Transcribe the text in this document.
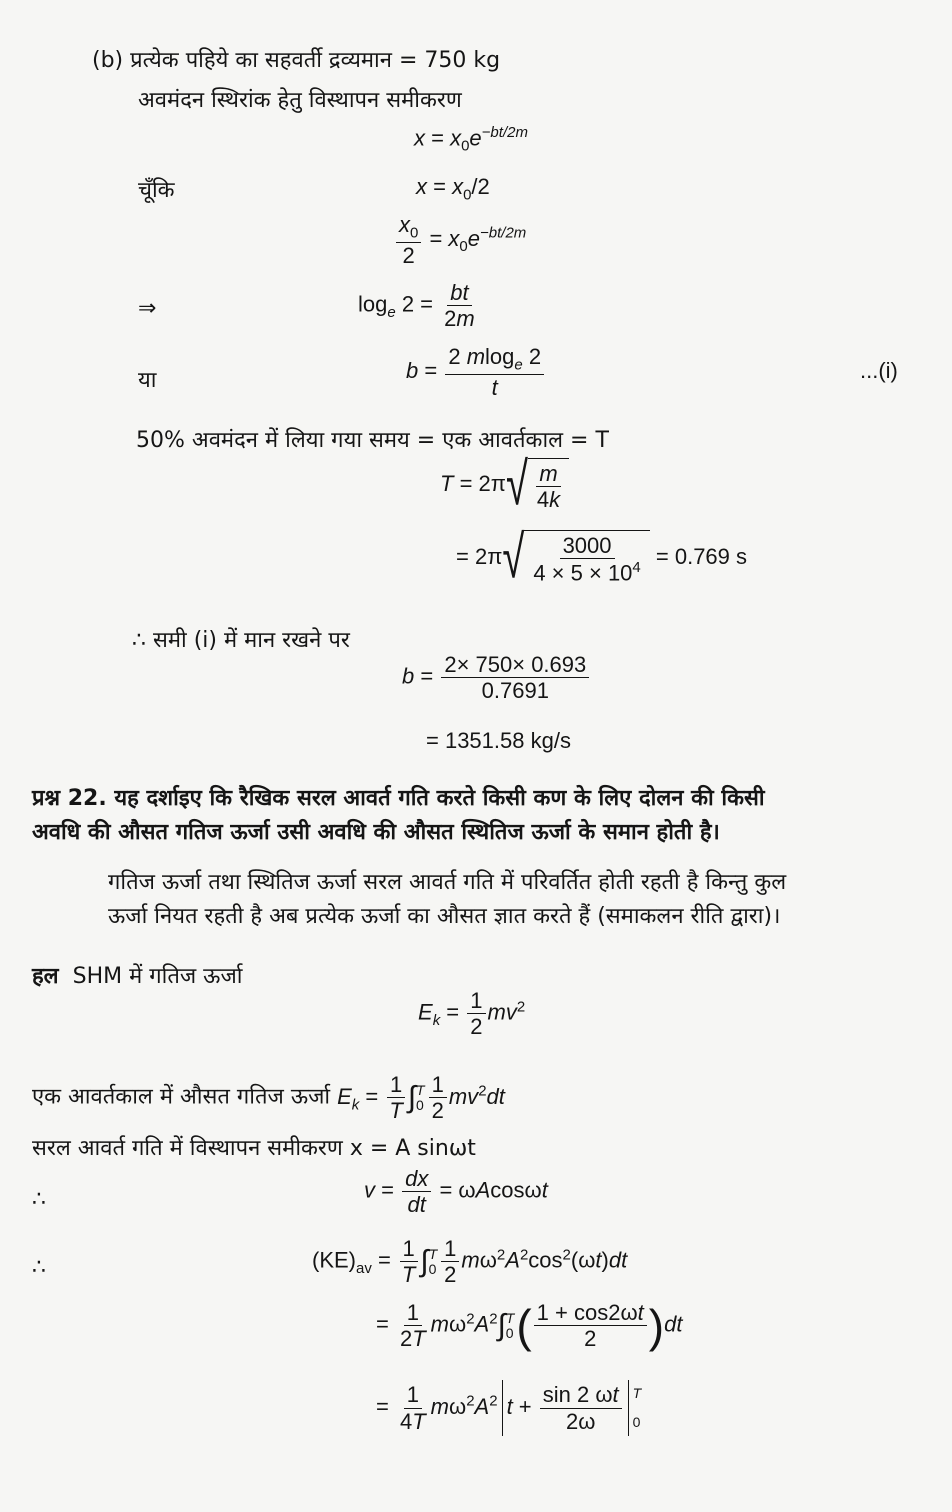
(b) प्रत्येक पहिये का सहवर्ती द्रव्यमान = 750 kg
अवमंदन स्थिरांक हेतु विस्थापन समीकरण
$x = x_0e^{-bt/2m}$
चूँकि	$x = x_0/2$
$\frac{x_0}{2} = x_0e^{-bt/2m}$
⇒	$\log_e 2 = \frac{bt}{2m}$
या	$b = \frac{2 mlog_e 2}{t}$	...(i)
50% अवमंदन में लिया गया समय = एक आवर्तकाल = T
T = 2π √ $\frac{m}{4k}$
= 2π √ $\frac{3000}{4 \times 5 \times 10^4} = 0.769$ s
∴ समी (i) में मान रखने पर
$b = \frac{2\times 750\times 0.693}{0.7691}$
= 1351.58 kg/s
प्रश्न 22. यह दर्शाइए कि रैखिक सरल आवर्त गति करते किसी कण के लिए दोलन की किसी
अवधि की औसत गतिज ऊर्जा उसी अवधि की औसत स्थितिज ऊर्जा के समान होती है।
गतिज ऊर्जा तथा स्थितिज ऊर्जा सरल आवर्त गति में परिवर्तित होती रहती है किन्तु कुल
ऊर्जा नियत रहती है अब प्रत्येक ऊर्जा का औसत ज्ञात करते हैं (समाकलन रीति द्वारा)।
हल SHM में गतिज ऊर्जा
$E_k = \frac{1}{2} mv^2$
एक आवर्तकाल में औसत गतिज ऊर्जा $E_k = \frac{1}{T}$ ∫ T
$0 \frac{1}{2} mv^2dt$
सरल आवर्त गति में विस्थापन समीकरण x = A sinωt
∴	$v = \frac{dx}{dt} = \omega Acos\omega t$
∴	$(KE)_{av} = \frac{1}{T}$ ∫ T
$0 \frac{1}{2} m\omega^2A^2\cos^2(\omega t)dt$
= $\frac{1}{2T} m\omega^2A^2\int$ T
0 ( $\frac{1 + \cos 2\omega t}{2} )dt$
= $\frac{1}{4T} m\omega^2A^2$ $t + \frac{\sin 2 \omega t}{2\omega}$ T

0
